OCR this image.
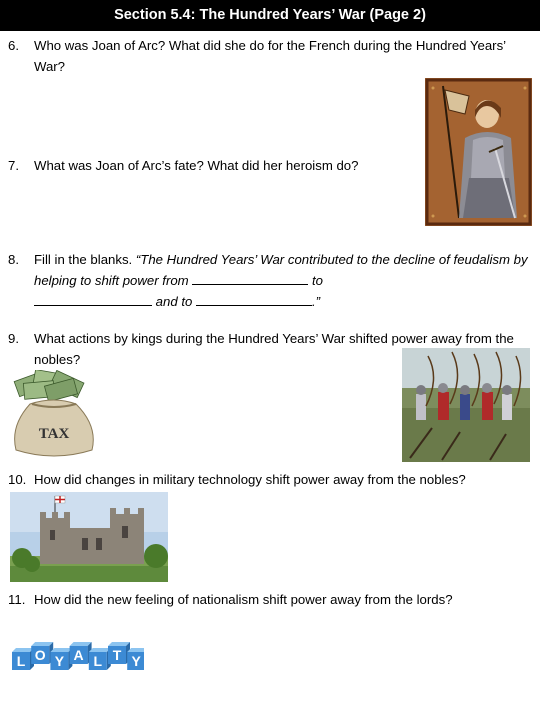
Section 5.4: The Hundred Years’ War (Page 2)
6. Who was Joan of Arc? What did she do for the French during the Hundred Years’ War?
7. What was Joan of Arc’s fate? What did her heroism do?
8. Fill in the blanks. “The Hundred Years’ War contributed to the decline of feudalism by helping to shift power from	to
and to	.”
9. What actions by kings during the Hundred Years’ War shifted power away from the nobles?
TAX
10. How did changes in military technology shift power away from the nobles?
11. How did the new feeling of nationalism shift power away from the lords?
L O Y A L T Y
